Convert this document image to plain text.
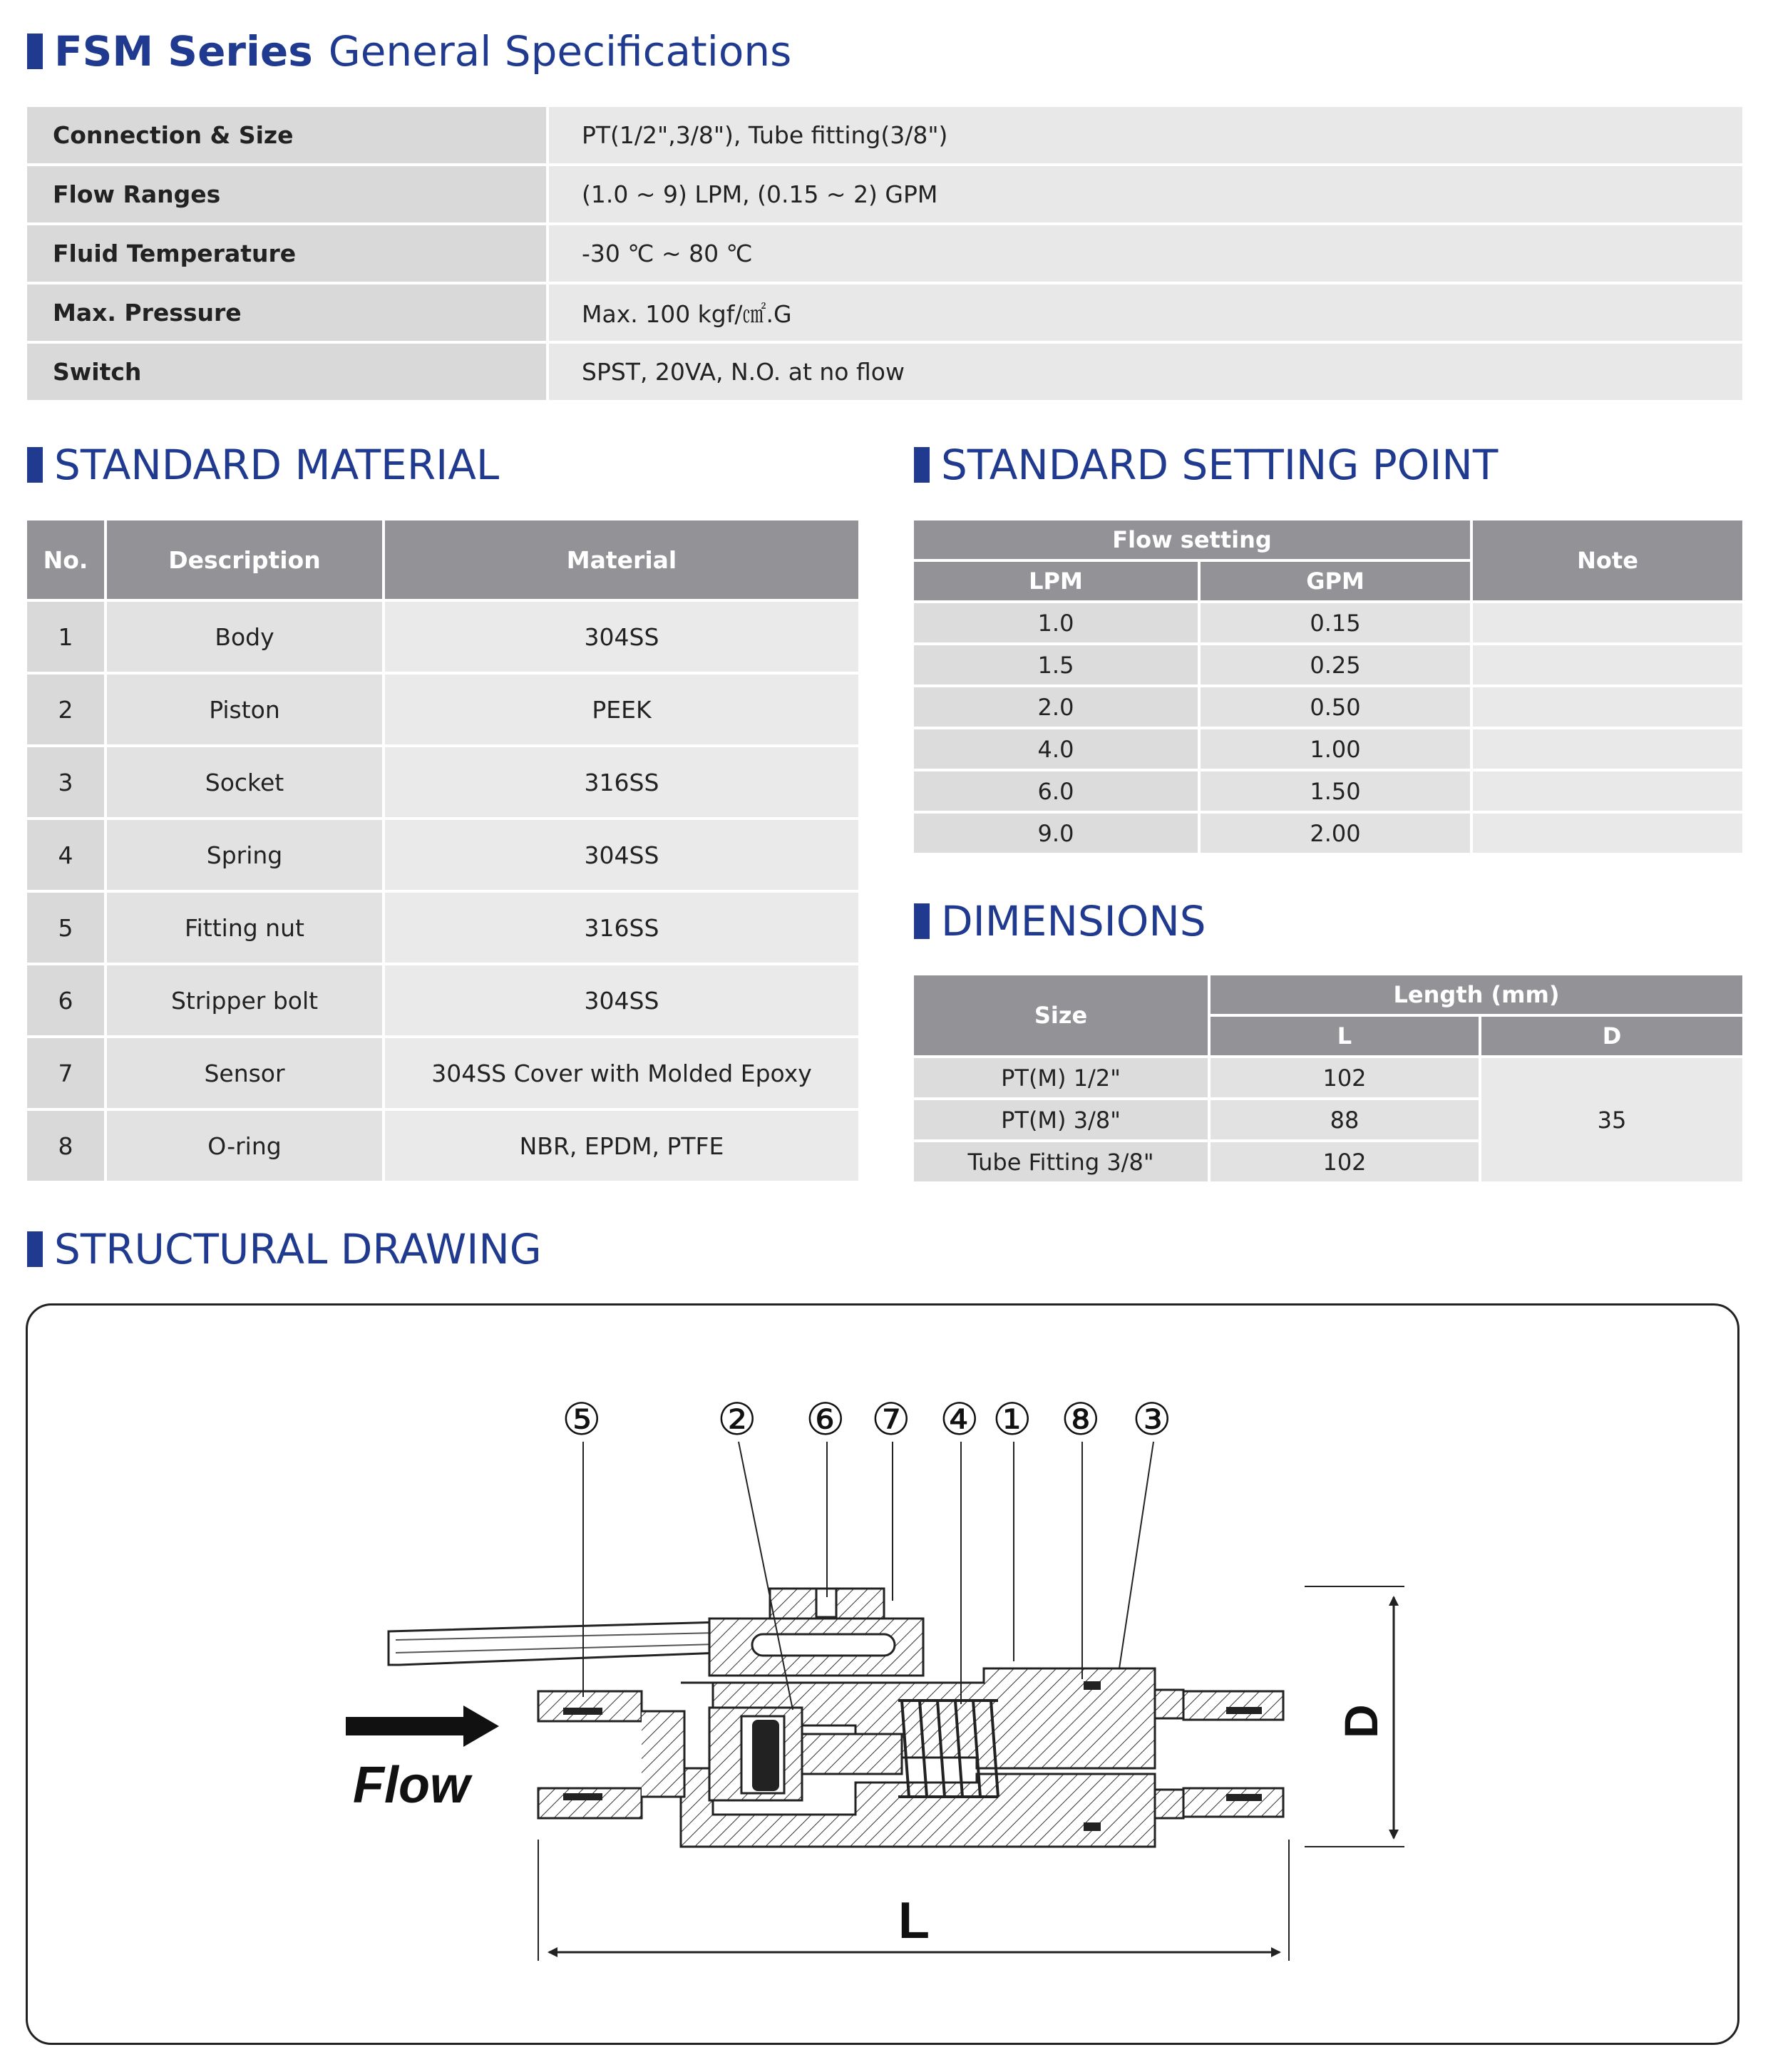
FSM Series General Specifications
Connection & Size	PT(1/2",3/8"), Tube fitting(3/8")
Flow Ranges	(1.0 ~ 9) LPM, (0.15 ~ 2) GPM
Fluid Temperature	-30 ℃ ~ 80 ℃
Max. Pressure	Max. 100 kgf/㎠.G
Switch	SPST, 20VA, N.O. at no flow
STANDARD MATERIAL
No.	Description	Material
1	Body	304SS
2	Piston	PEEK
3	Socket	316SS
4	Spring	304SS
5	Fitting nut	316SS
6	Stripper bolt	304SS
7	Sensor	304SS Cover with Molded Epoxy
8	O-ring	NBR, EPDM, PTFE
STANDARD SETTING POINT
Flow setting		Note
LPM	GPM	
1.0	0.15	
1.5	0.25	
2.0	0.50	
4.0	1.00	
6.0	1.50	
9.0	2.00	
DIMENSIONS
Size	Length (mm)	
	L	D
PT(M) 1/2"	102	35
PT(M) 3/8"	88	
Tube Fitting 3/8"	102	
STRUCTURAL DRAWING
Flow
L
D
⑤	② ⑥ ⑦ ④ ① ⑧ ③
